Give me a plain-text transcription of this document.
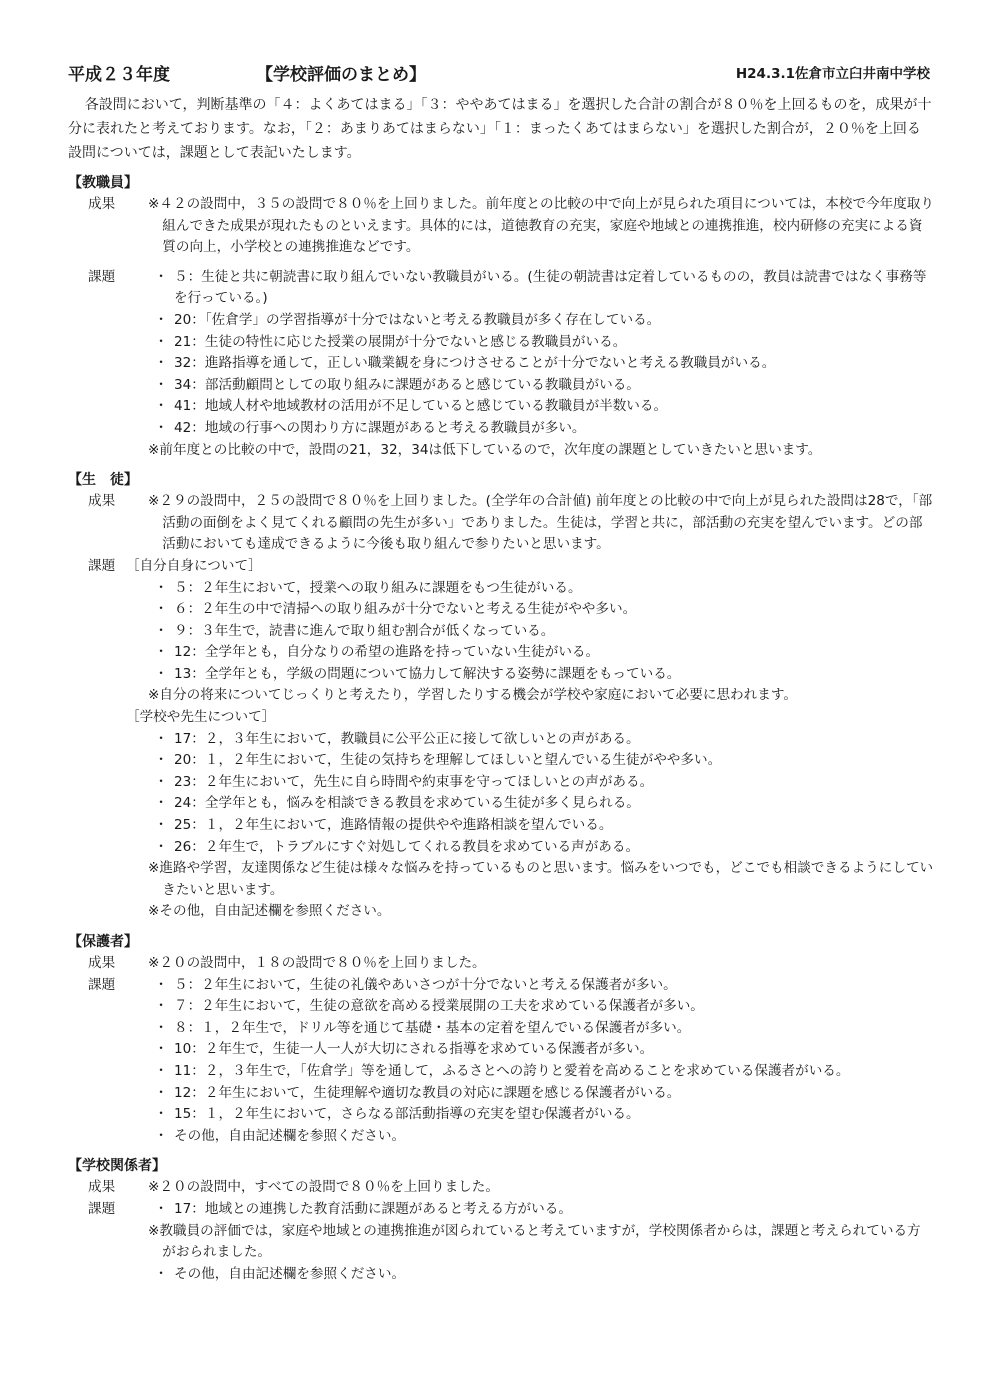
平成２３年度	【学校評価のまとめ】	H24.3.1佐倉市立臼井南中学校

各設問において，判断基準の「４：よくあてはまる」「３：ややあてはまる」を選択した合計の割合が８０％を上回るものを，成果が十分に表れたと考えております。なお，「２：あまりあてはまらない」「１：まったくあてはまらない」を選択した割合が，２０％を上回る設問については，課題として表記いたします。

【教職員】

成果 ※４２の設問中，３５の設問で８０％を上回りました。前年度との比較の中で向上が見られた項目については，本校で今年度取り組んできた成果が現れたものといえます。具体的には，道徳教育の充実，家庭や地域との連携推進，校内研修の充実による資質の向上，小学校との連携推進などです。
課題	・ ５：生徒と共に朝読書に取り組んでいない教職員がいる。(生徒の朝読書は定着しているものの，教員は読書ではなく事務等を行っている。)
・ 20：「佐倉学」の学習指導が十分ではないと考える教職員が多く存在している。
・ 21：生徒の特性に応じた授業の展開が十分でないと感じる教職員がいる。
・ 32：進路指導を通して，正しい職業観を身につけさせることが十分でないと考える教職員がいる。
・ 34：部活動顧問としての取り組みに課題があると感じている教職員がいる。
・ 41：地域人材や地域教材の活用が不足していると感じている教職員が半数いる。
・ 42：地域の行事への関わり方に課題があると考える教職員が多い。
※前年度との比較の中で，設問の21，32，34は低下しているので，次年度の課題としていきたいと思います。

【生　徒】

成果 ※２９の設問中，２５の設問で８０％を上回りました。(全学年の合計値) 前年度との比較の中で向上が見られた設問は28で，「部活動の面倒をよく見てくれる顧問の先生が多い」でありました。生徒は，学習と共に，部活動の充実を望んでいます。どの部活動においても達成できるように今後も取り組んで参りたいと思います。
課題 ［自分自身について］
・ ５：２年生において，授業への取り組みに課題をもつ生徒がいる。
・ ６：２年生の中で清掃への取り組みが十分でないと考える生徒がやや多い。
・ ９：３年生で，読書に進んで取り組む割合が低くなっている。
・ 12：全学年とも，自分なりの希望の進路を持っていない生徒がいる。
・ 13：全学年とも，学級の問題について協力して解決する姿勢に課題をもっている。
※自分の将来についてじっくりと考えたり，学習したりする機会が学校や家庭において必要に思われます。
［学校や先生について］
・ 17：２，３年生において，教職員に公平公正に接して欲しいとの声がある。
・ 20：１，２年生において，生徒の気持ちを理解してほしいと望んでいる生徒がやや多い。
・ 23：２年生において，先生に自ら時間や約束事を守ってほしいとの声がある。
・ 24：全学年とも，悩みを相談できる教員を求めている生徒が多く見られる。
・ 25：１，２年生において，進路情報の提供やや進路相談を望んでいる。
・ 26：２年生で，トラブルにすぐ対処してくれる教員を求めている声がある。
※進路や学習，友達関係など生徒は様々な悩みを持っているものと思います。悩みをいつでも，どこでも相談できるようにしていきたいと思います。
※その他，自由記述欄を参照ください。

【保護者】

成果 ※２０の設問中，１８の設問で８０％を上回りました。
課題	・ ５：２年生において，生徒の礼儀やあいさつが十分でないと考える保護者が多い。
・ ７：２年生において，生徒の意欲を高める授業展開の工夫を求めている保護者が多い。
・ ８：１，２年生で，ドリル等を通じて基礎・基本の定着を望んでいる保護者が多い。
・ 10：２年生で，生徒一人一人が大切にされる指導を求めている保護者が多い。
・ 11：２，３年生で，「佐倉学」等を通して，ふるさとへの誇りと愛着を高めることを求めている保護者がいる。
・ 12：２年生において，生徒理解や適切な教員の対応に課題を感じる保護者がいる。
・ 15：１，２年生において，さらなる部活動指導の充実を望む保護者がいる。
・ その他，自由記述欄を参照ください。

【学校関係者】

成果 ※２０の設問中，すべての設問で８０％を上回りました。
課題	・ 17：地域との連携した教育活動に課題があると考える方がいる。
※教職員の評価では，家庭や地域との連携推進が図られていると考えていますが，学校関係者からは，課題と考えられている方がおられました。
・ その他，自由記述欄を参照ください。
